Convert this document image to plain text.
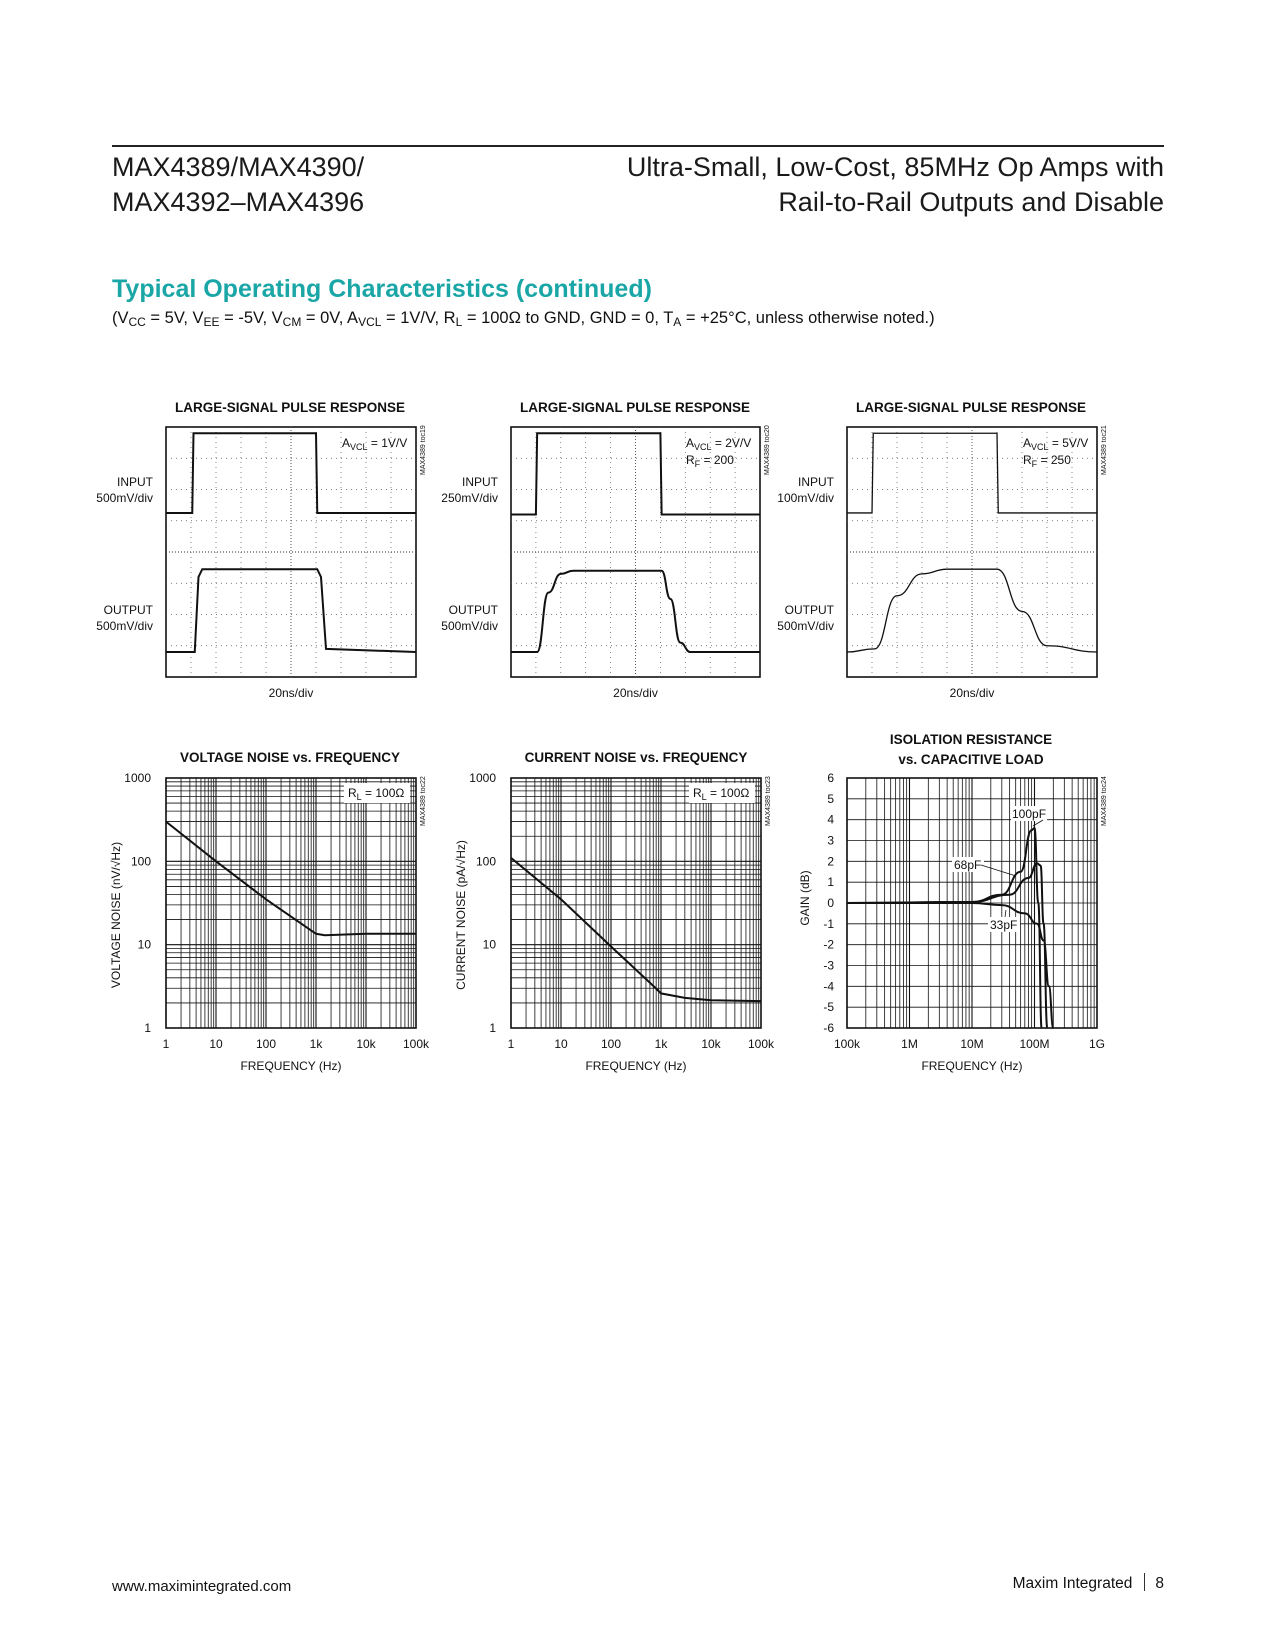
MAX4389/MAX4390/
MAX4392–MAX4396
Ultra-Small, Low-Cost, 85MHz Op Amps with
Rail-to-Rail Outputs and Disable
Typical Operating Characteristics (continued)
($V_{CC} = 5V$, $V_{EE} = -5V$, $V_{CM} = 0V$, $A_{VCL} = 1V/V$, $R_L = 100\Omega$ to GND, GND = 0, $T_A = +25^\circ C$, unless otherwise noted.)
LARGE-SIGNAL PULSE RESPONSE
$A_{VCL} = 1V/V$ MAX4389 toc19
INPUT
500mV/div
OUTPUT
500mV/div
20ns/div
LARGE-SIGNAL PULSE RESPONSE
$A_{VCL} = 2V/V$
$R_F = 200$	MAX4389 toc20
INPUT
250mV/div
OUTPUT
500mV/div
20ns/div
LARGE-SIGNAL PULSE RESPONSE
$A_{VCL} = 5V/V$
$R_F = 250$	MAX4389 toc21
INPUT
100mV/div
OUTPUT
500mV/div
20ns/div
VOLTAGE NOISE vs. FREQUENCY
$R_L = 100\Omega$ MAX4389 toc22
1	10	100	1k	10k 100k
1
10
100
1000
FREQUENCY (Hz)
VOLTAGE NOISE (nV/√Hz)
CURRENT NOISE vs. FREQUENCY
$R_L = 100\Omega$ MAX4389 toc23
1	10	100	1k	10k 100k
1
10
100
1000
FREQUENCY (Hz)
CURRENT NOISE (pA/√Hz)
ISOLATION RESISTANCE
vs. CAPACITIVE LOAD
100pF
68pF
33pF
MAX4389 toc24
100k	1M	10M	100M	1G
6
5
4
3
2
1
0
-1
-2
-3
-4
-5
-6
FREQUENCY (Hz)
GAIN (dB)
www.maximintegrated.com	Maxim Integrated 8
